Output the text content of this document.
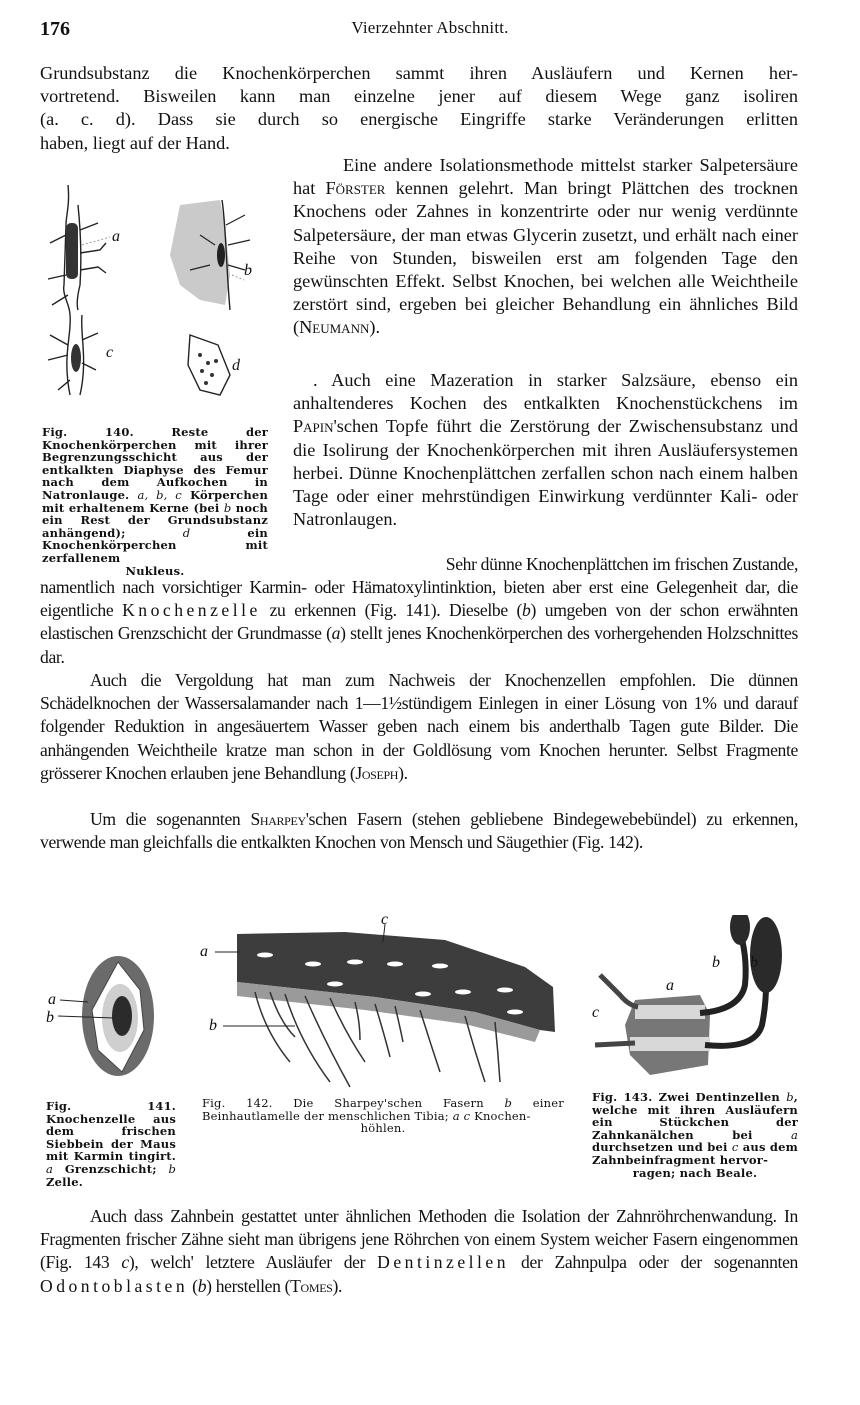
176	Vierzehnter Abschnitt.

Grundsubstanz die Knochenkörperchen sammt ihren Ausläufern und Kernen her-

vortretend. Bisweilen kann man einzelne jener auf diesem Wege ganz isoliren

(a. c. d). Dass sie durch so energische Eingriffe starke Veränderungen erlitten

haben, liegt auf der Hand.

a
b
c
d
Fig. 140. Reste der Knochenkörperchen mit ihrer Begrenzungsschicht aus der entkalkten Diaphyse des Femur nach dem Aufkochen in Natronlauge. a, b, c Körperchen mit erhaltenem Kerne (bei b noch ein Rest der Grundsubstanz anhängend); d ein Knochenkörperchen mit zerfallenem
Nukleus.

Eine andere Isolationsmethode mittelst starker Salpetersäure hat Förster kennen gelehrt. Man bringt Plättchen des trocknen Knochens oder Zahnes in konzentrirte oder nur wenig verdünnte Salpetersäure, der man etwas Glycerin zusetzt, und erhält nach einer Reihe von Stunden, bisweilen erst am folgenden Tage den gewünschten Effekt. Selbst Knochen, bei welchen alle Weichtheile zerstört sind, ergeben bei gleicher Behandlung ein ähnliches Bild (Neumann).

. Auch eine Mazeration in starker Salzsäure, ebenso ein anhaltenderes Kochen des entkalkten Knochenstückchens im Papin'schen Topfe führt die Zerstörung der Zwischensubstanz und die Isolirung der Knochenkörperchen mit ihren Ausläufersystemen herbei. Dünne Knochenplättchen zerfallen schon nach einem halben Tage oder einer mehrstündigen Einwirkung verdünnter Kali- oder Natronlaugen.

Sehr dünne Knochenplättchen im frischen Zustande,

namentlich nach vorsichtiger Karmin- oder Hämatoxylintinktion, bieten aber erst eine Gelegenheit dar, die eigentliche Knochenzelle zu erkennen (Fig. 141). Dieselbe (b) umgeben von der schon erwähnten elastischen Grenzschicht der Grundmasse (a) stellt jenes Knochenkörperchen des vorhergehenden Holzschnittes dar.

Auch die Vergoldung hat man zum Nachweis der Knochenzellen empfohlen. Die dünnen Schädelknochen der Wassersalamander nach 1—1½stündigem Einlegen in einer Lösung von 1% und darauf folgender Reduktion in angesäuertem Wasser geben nach einem bis anderthalb Tagen gute Bilder. Die anhängenden Weichtheile kratze man schon in der Goldlösung vom Knochen herunter. Selbst Fragmente grösserer Knochen erlauben jene Behandlung (Joseph).

Um die sogenannten Sharpey'schen Fasern (stehen gebliebene Bindegewebebündel) zu erkennen, verwende man gleichfalls die entkalkten Knochen von Mensch und Säugethier (Fig. 142).

a
b
a
b
c
b b
a
c
Fig. 141. Knochenzelle aus dem frischen Siebbein der Maus mit Karmin tingirt. a Grenzschicht; b Zelle.
Fig. 142. Die Sharpey'schen Fasern b einer Beinhautlamelle der menschlichen Tibia; a c Knochen-
höhlen.
Fig. 143. Zwei Dentinzellen b, welche mit ihren Ausläufern ein Stückchen der Zahnkanälchen bei a durchsetzen und bei c aus dem Zahnbeinfragment hervor-
ragen; nach Beale.

Auch dass Zahnbein gestattet unter ähnlichen Methoden die Isolation der Zahnröhrchenwandung. In Fragmenten frischer Zähne sieht man übrigens jene Röhrchen von einem System weicher Fasern eingenommen (Fig. 143 c), welch' letztere Ausläufer der Dentinzellen der Zahnpulpa oder der sogenannten Odontoblasten (b) herstellen (Tomes).
